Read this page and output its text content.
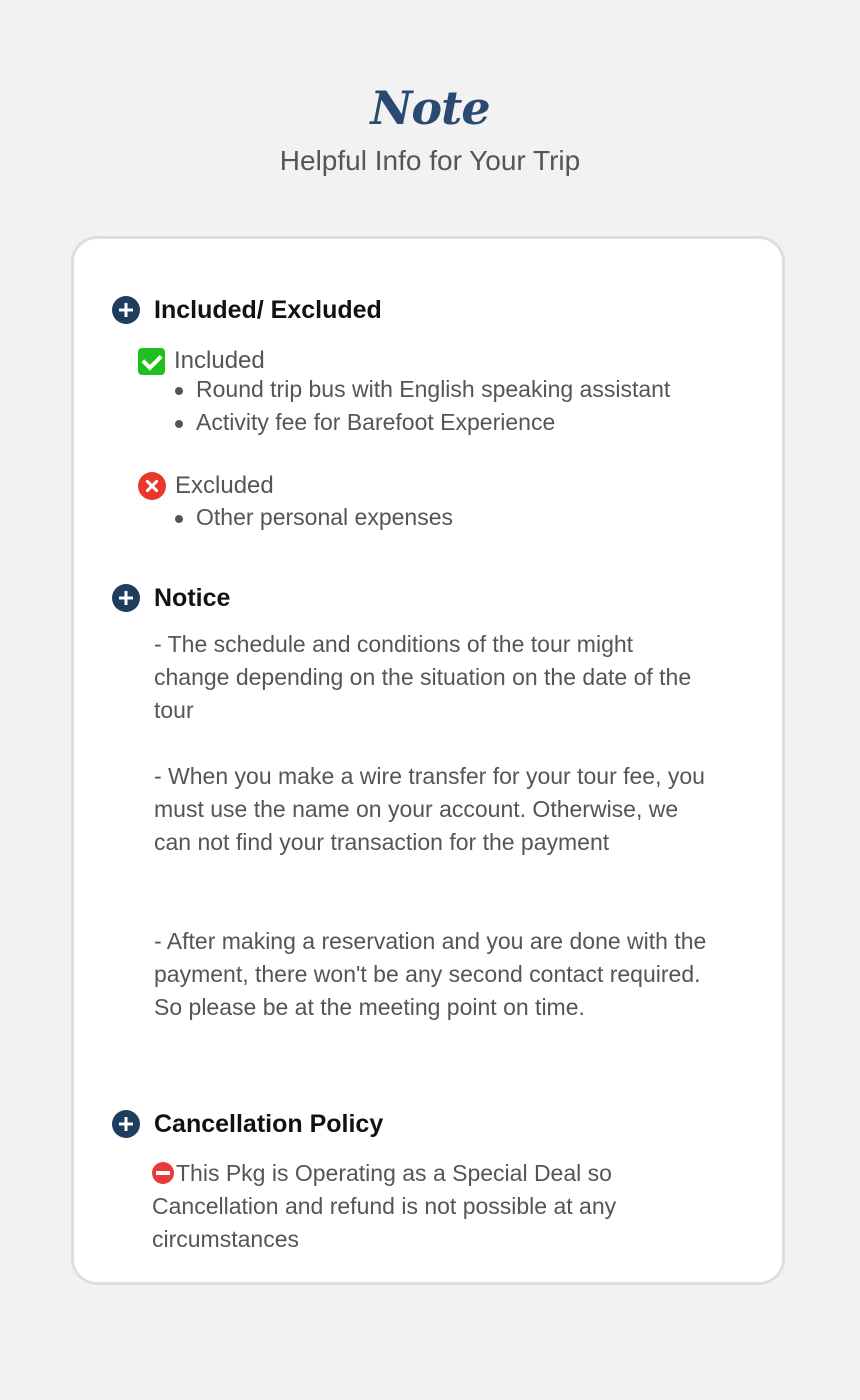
Note
Helpful Info for Your Trip
Included/ Excluded
Included
Round trip bus with English speaking assistant
Activity fee for Barefoot Experience
Excluded
Other personal expenses
Notice
- The schedule and conditions of the tour might change depending on the situation on the date of the tour
- When you make a wire transfer for your tour fee, you must use the name on your account. Otherwise, we can not find your transaction for the payment
- After making a reservation and you are done with the payment, there won't be any second contact required. So please be at the meeting point on time.
Cancellation Policy
This Pkg is Operating as a Special Deal so Cancellation and refund is not possible at any circumstances
